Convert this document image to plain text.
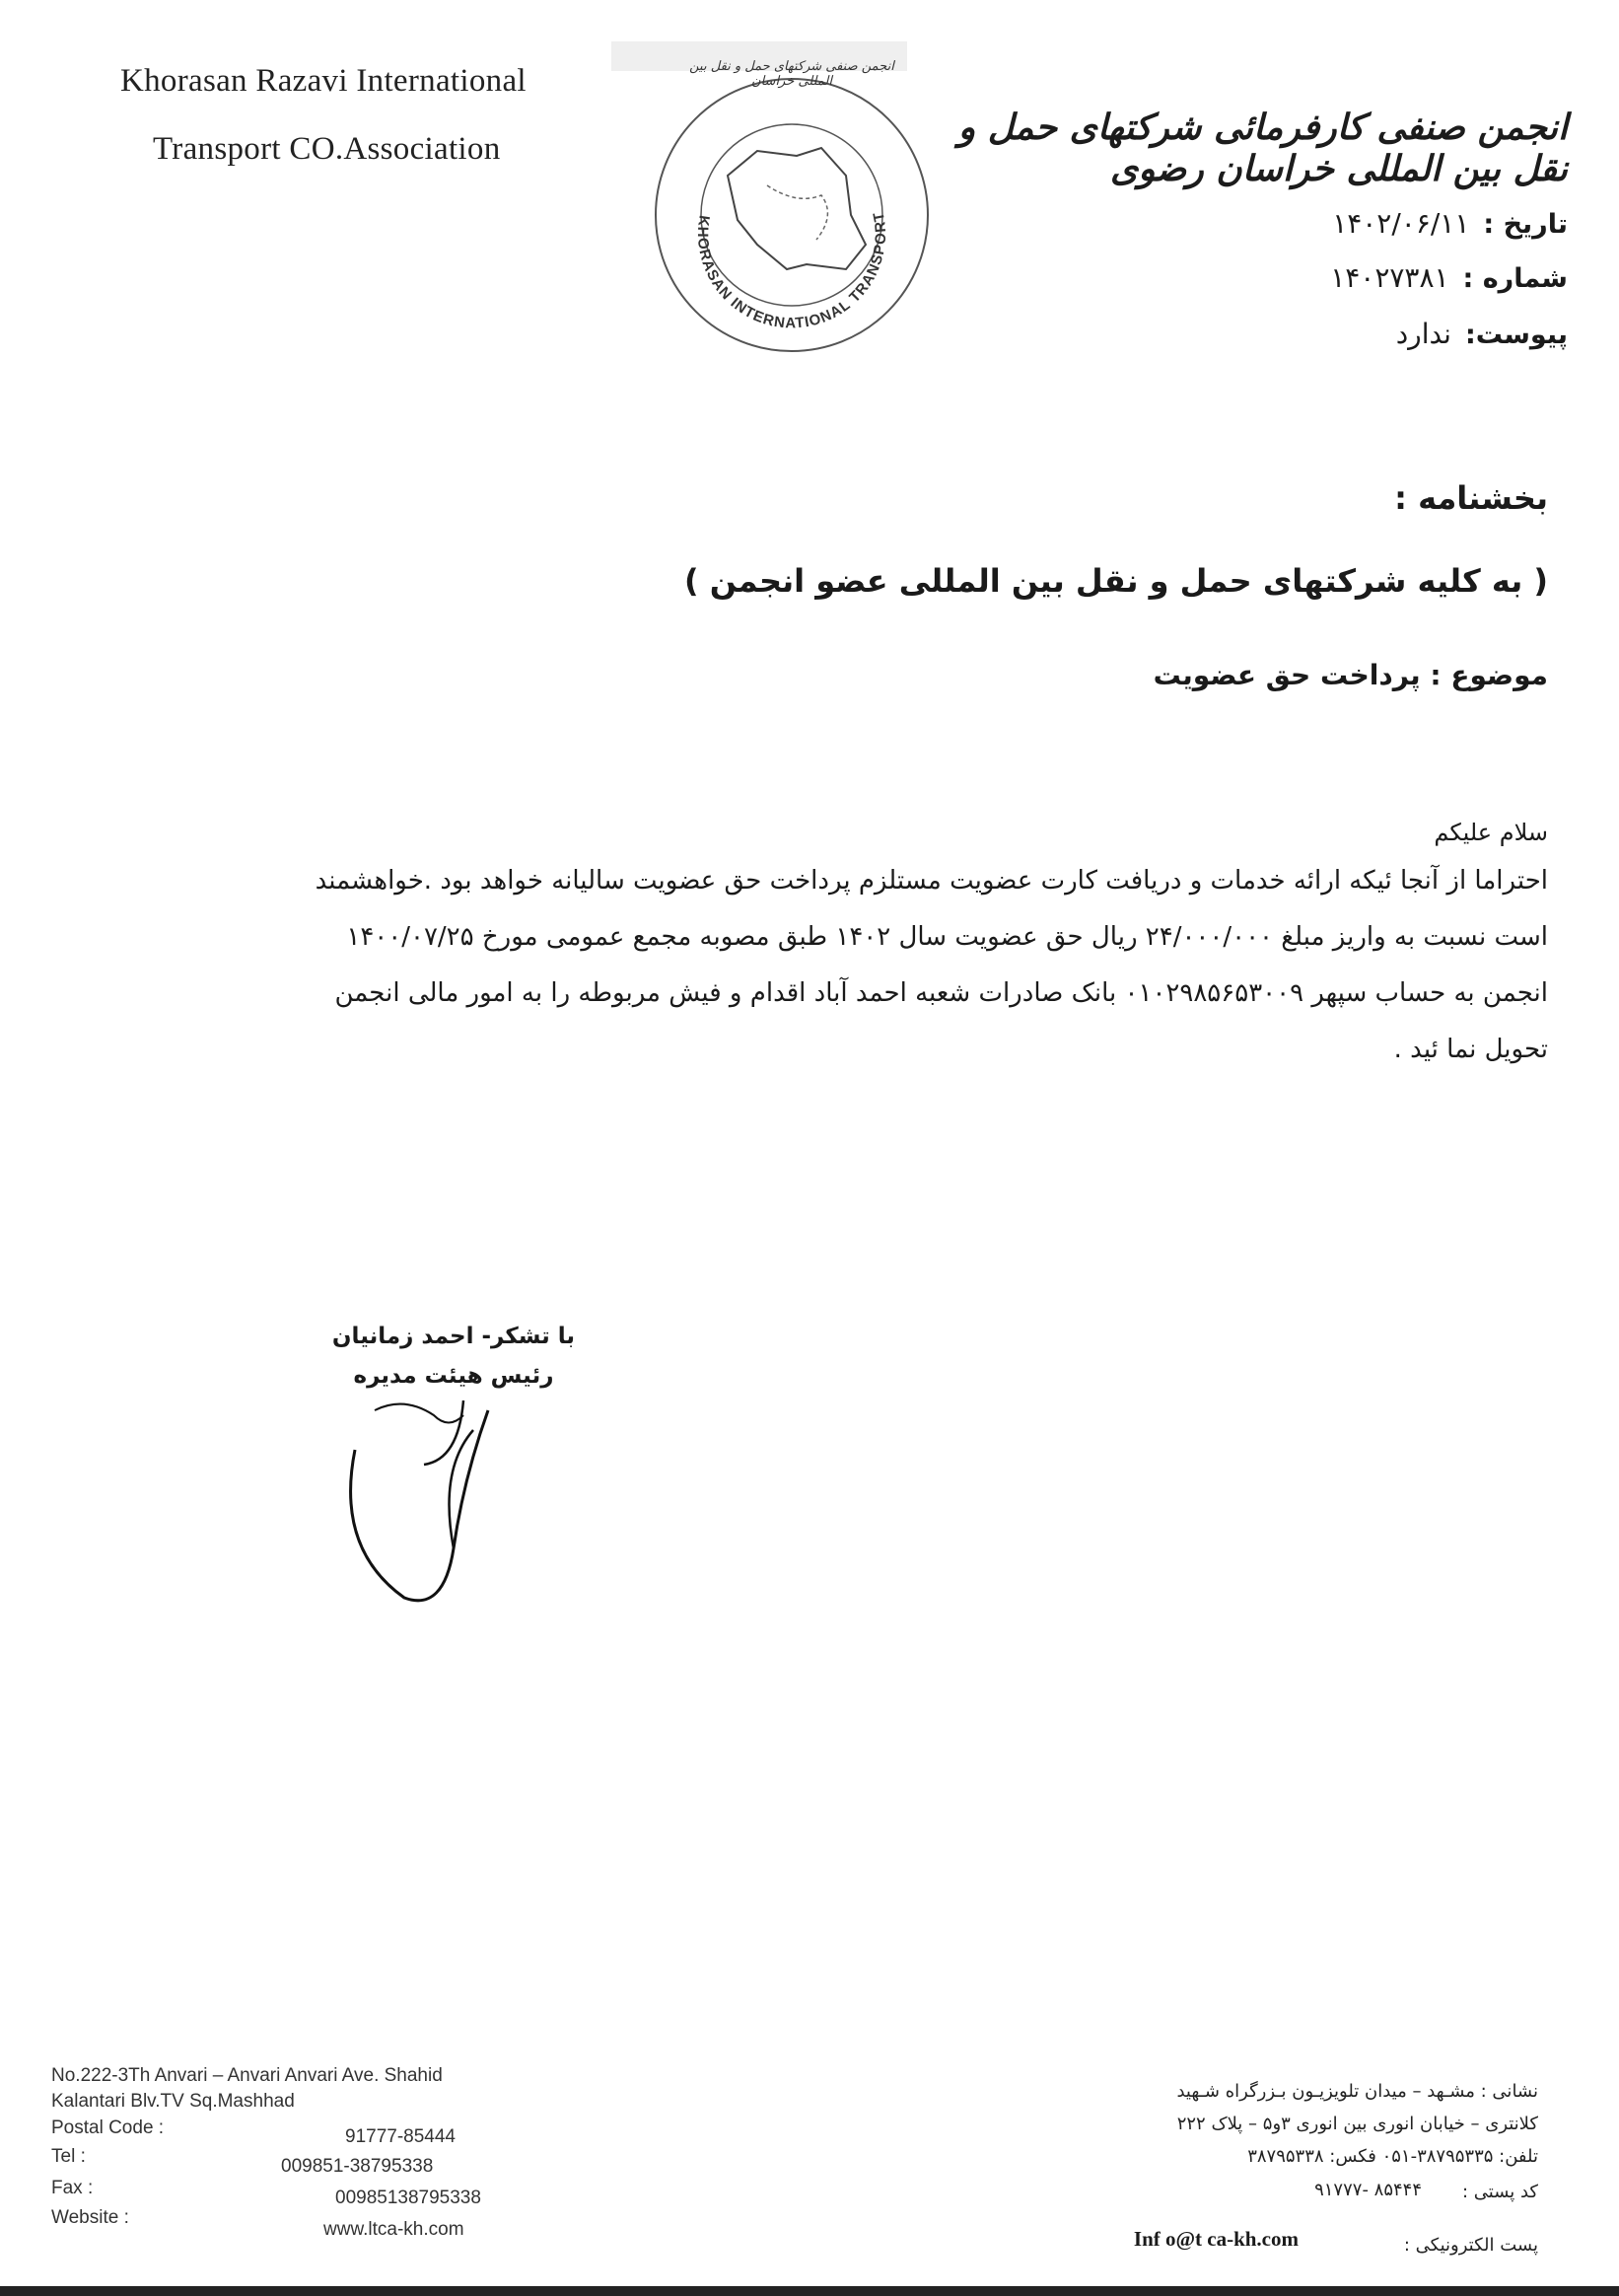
Khorasan Razavi International
Transport CO.Association
KHORASAN INTERNATIONAL TRANSPORT
انجمن صنفی شرکتهای حمل و نقل بین المللی خراسان
انجمن صنفی کارفرمائی شرکتهای حمل و نقل بین المللی خراسان رضوی
تاریخ :
۱۴۰۲/۰۶/۱۱
شماره :
۱۴۰۲۷۳۸۱
پیوست:
ندارد
بخشنامه :
( به کلیه شرکتهای حمل و نقل بین المللی عضو انجمن )
موضوع : پرداخت حق عضویت
سلام علیکم
احتراما از آنجا ئیکه ارائه خدمات و دریافت کارت عضویت مستلزم پرداخت حق عضویت سالیانه خواهد بود .خواهشمند
است نسبت به واریز مبلغ ۲۴/۰۰۰/۰۰۰ ریال حق عضویت سال ۱۴۰۲ طبق مصوبه مجمع عمومی مورخ ۱۴۰۰/۰۷/۲۵
انجمن به حساب سپهر ۰۱۰۲۹۸۵۶۵۳۰۰۹ بانک صادرات شعبه احمد آباد اقدام و فیش مربوطه را به امور مالی انجمن
تحویل نما ئید .
با تشکر- احمد زمانیان
رئیس هیئت مدیره
No.222-3Th Anvari – Anvari Anvari Ave. Shahid
Kalantari Blv.TV Sq.Mashhad
Postal Code :	91777-85444
Tel :	009851-38795338
Fax :	00985138795338
Website :
www.ltca-kh.com
نشانی : مشـهد – میدان تلویزیـون بـزرگراه شـهید
کلانتری – خیابان انوری بین انوری ۳و۵ – پلاک ۲۲۲
تلفن: ۳۸۷۹۵۳۳۵-۰۵۱ فکس: ۳۸۷۹۵۳۳۸
کد پستی :
۸۵۴۴۴ -۹۱۷۷۷
پست الکترونیکی :
Inf o@t ca-kh.com
